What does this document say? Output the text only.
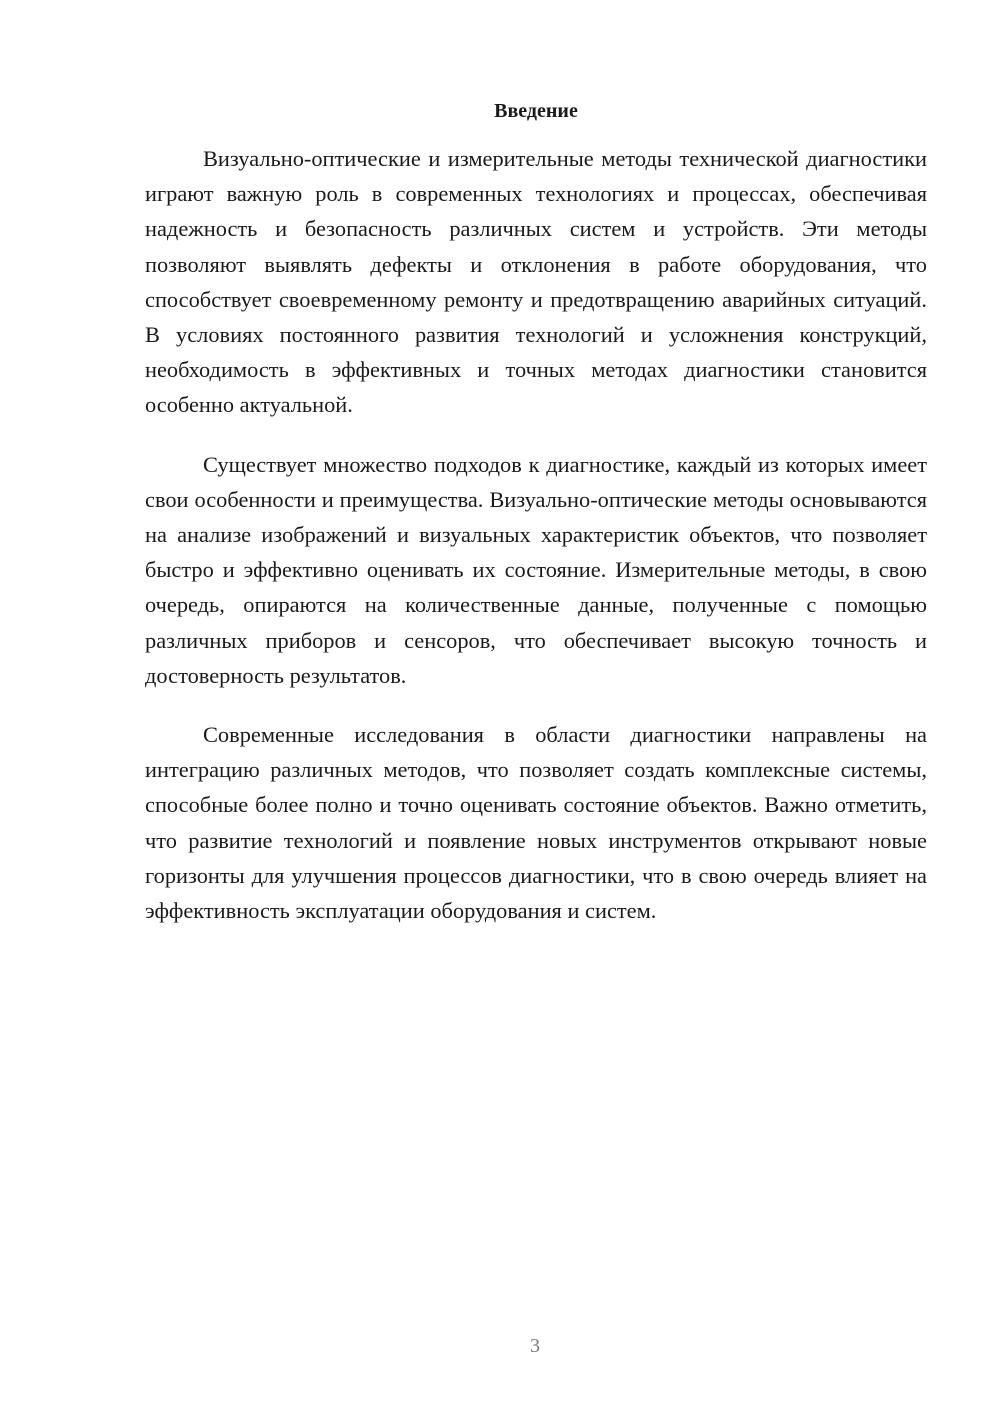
Введение

Визуально-оптические и измерительные методы технической диагностики играют важную роль в современных технологиях и процессах, обеспечивая надежность и безопасность различных систем и устройств. Эти методы позволяют выявлять дефекты и отклонения в работе оборудования, что способствует своевременному ремонту и предотвращению аварийных ситуаций. В условиях постоянного развития технологий и усложнения конструкций, необходимость в эффективных и точных методах диагностики становится особенно актуальной.

Существует множество подходов к диагностике, каждый из которых имеет свои особенности и преимущества. Визуально-оптические методы основываются на анализе изображений и визуальных характеристик объектов, что позволяет быстро и эффективно оценивать их состояние. Измерительные методы, в свою очередь, опираются на количественные данные, полученные с помощью различных приборов и сенсоров, что обеспечивает высокую точность и достоверность результатов.

Современные исследования в области диагностики направлены на интеграцию различных методов, что позволяет создать комплексные системы, способные более полно и точно оценивать состояние объектов. Важно отметить, что развитие технологий и появление новых инструментов открывают новые горизонты для улучшения процессов диагностики, что в свою очередь влияет на эффективность эксплуатации оборудования и систем.

3
